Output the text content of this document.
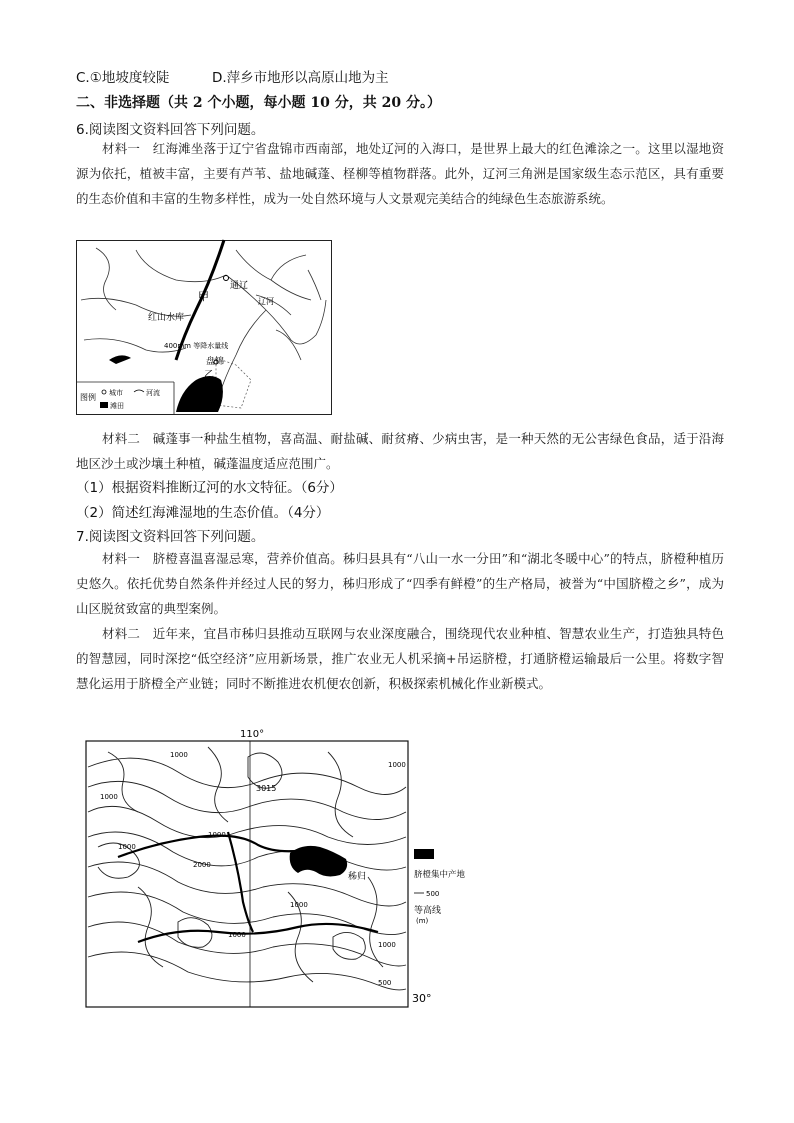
C.①地坡度较陡	D.萍乡市地形以高原山地为主
二、非选择题（共 2 个小题，每小题 10 分，共 20 分。）
6.阅读图文资料回答下列问题。
材料一　红海滩坐落于辽宁省盘锦市西南部，地处辽河的入海口，是世界上最大的红色滩涂之一。这里以湿地资源为依托，植被丰富，主要有芦苇、盐地碱蓬、柽柳等植物群落。此外，辽河三角洲是国家级生态示范区，具有重要的生态价值和丰富的生物多样性，成为一处自然环境与人文景观完美结合的纯绿色生态旅游系统。
通辽
甲
红山水库
400mm 等降水量线
盘锦
乙
辽河
图例 城市	河流
滩田
材料二　碱蓬事一种盐生植物，喜高温、耐盐碱、耐贫瘠、少病虫害，是一种天然的无公害绿色食品，适于沿海地区沙土或沙壤土种植，碱蓬温度适应范围广。
（1）根据资料推断辽河的水文特征。（6分）
（2）简述红海滩湿地的生态价值。（4分）
7.阅读图文资料回答下列问题。
材料一　脐橙喜温喜湿忌寒，营养价值高。秭归县具有“八山一水一分田”和“湖北冬暖中心”的特点，脐橙种植历史悠久。依托优势自然条件并经过人民的努力，秭归形成了“四季有鲜橙”的生产格局，被誉为“中国脐橙之乡”，成为山区脱贫致富的典型案例。
材料二　近年来，宜昌市秭归县推动互联网与农业深度融合，围绕现代农业种植、智慧农业生产，打造独具特色的智慧园，同时深挖“低空经济”应用新场景，推广农业无人机采摘+吊运脐橙，打通脐橙运输最后一公里。将数字智慧化运用于脐橙全产业链；同时不断推进农机便农创新，积极探索机械化作业新模式。
110°
30°
3015
秭归
1000
1000
1000
1000
2000
1000
1000
1000
500
1000
脐橙集中产地
500
等高线
(m)
